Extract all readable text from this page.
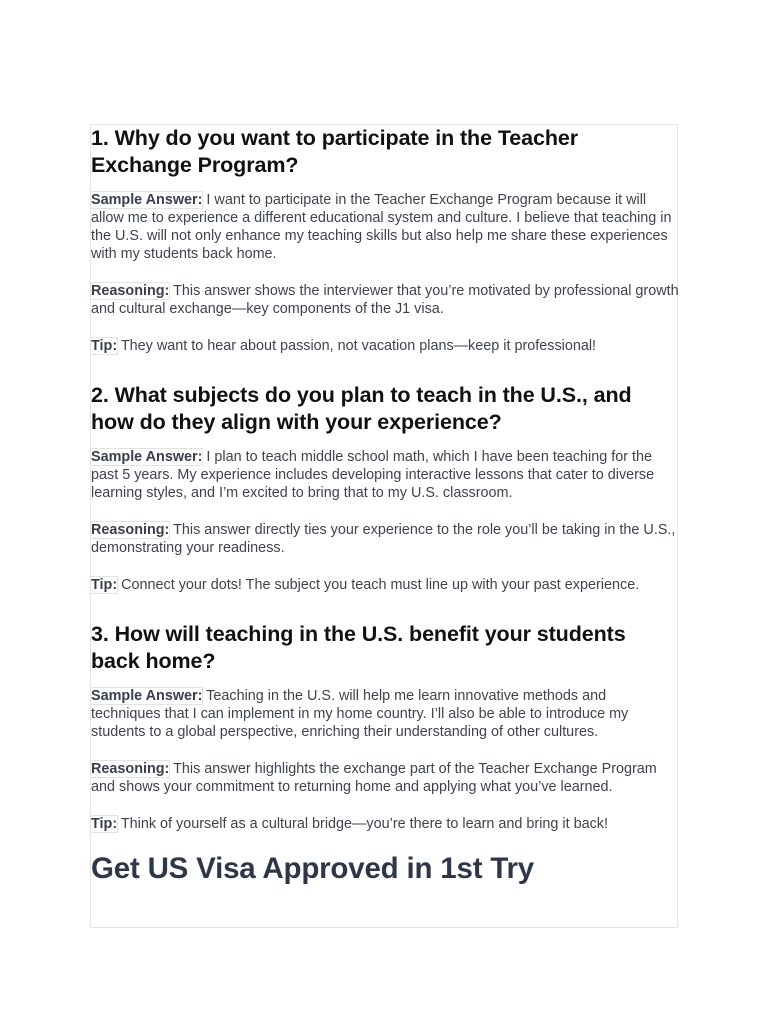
1. Why do you want to participate in the Teacher Exchange Program?

Sample Answer: I want to participate in the Teacher Exchange Program because it will allow me to experience a different educational system and culture. I believe that teaching in the U.S. will not only enhance my teaching skills but also help me share these experiences with my students back home.

Reasoning: This answer shows the interviewer that you’re motivated by professional growth and cultural exchange—key components of the J1 visa.

Tip: They want to hear about passion, not vacation plans—keep it professional!

2. What subjects do you plan to teach in the U.S., and how do they align with your experience?

Sample Answer: I plan to teach middle school math, which I have been teaching for the past 5 years. My experience includes developing interactive lessons that cater to diverse learning styles, and I’m excited to bring that to my U.S. classroom.

Reasoning: This answer directly ties your experience to the role you’ll be taking in the U.S., demonstrating your readiness.

Tip: Connect your dots! The subject you teach must line up with your past experience.

3. How will teaching in the U.S. benefit your students back home?

Sample Answer: Teaching in the U.S. will help me learn innovative methods and techniques that I can implement in my home country. I’ll also be able to introduce my students to a global perspective, enriching their understanding of other cultures.

Reasoning: This answer highlights the exchange part of the Teacher Exchange Program and shows your commitment to returning home and applying what you’ve learned.

Tip: Think of yourself as a cultural bridge—you’re there to learn and bring it back!

Get US Visa Approved in 1st Try
